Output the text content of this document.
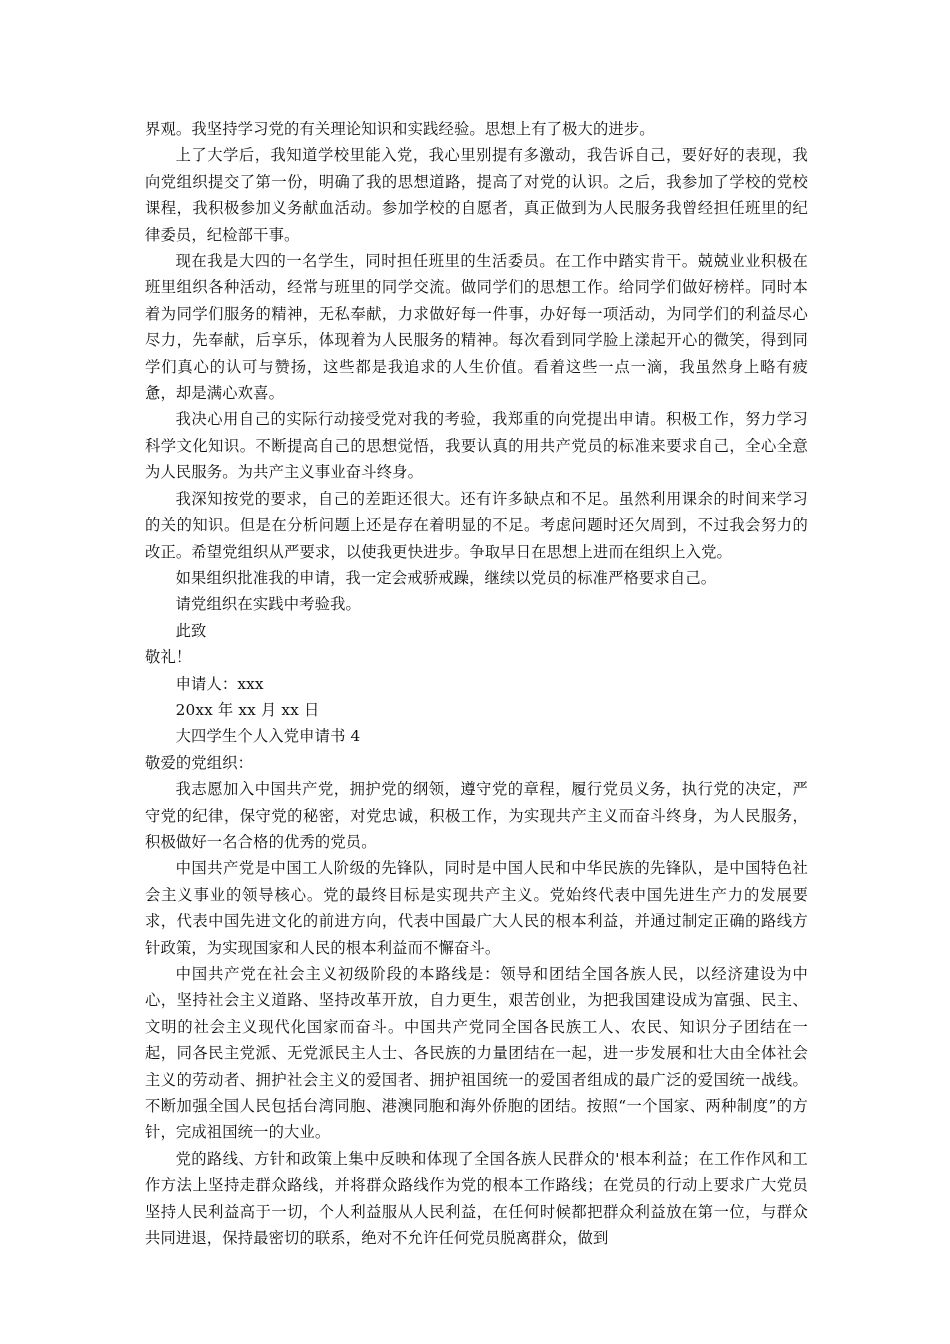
界观。我坚持学习党的有关理论知识和实践经验。思想上有了极大的进步。

上了大学后，我知道学校里能入党，我心里别提有多激动，我告诉自己，要好好的表现，我向党组织提交了第一份，明确了我的思想道路，提高了对党的认识。之后，我参加了学校的党校课程，我积极参加义务献血活动。参加学校的自愿者，真正做到为人民服务我曾经担任班里的纪律委员，纪检部干事。

现在我是大四的一名学生，同时担任班里的生活委员。在工作中踏实肯干。兢兢业业积极在班里组织各种活动，经常与班里的同学交流。做同学们的思想工作。给同学们做好榜样。同时本着为同学们服务的精神，无私奉献，力求做好每一件事，办好每一项活动，为同学们的利益尽心尽力，先奉献，后享乐，体现着为人民服务的精神。每次看到同学脸上漾起开心的微笑，得到同学们真心的认可与赞扬，这些都是我追求的人生价值。看着这些一点一滴，我虽然身上略有疲惫，却是满心欢喜。

我决心用自己的实际行动接受党对我的考验，我郑重的向党提出申请。积极工作，努力学习科学文化知识。不断提高自己的思想觉悟，我要认真的用共产党员的标准来要求自己，全心全意为人民服务。为共产主义事业奋斗终身。

我深知按党的要求，自己的差距还很大。还有许多缺点和不足。虽然利用课余的时间来学习的关的知识。但是在分析问题上还是存在着明显的不足。考虑问题时还欠周到，不过我会努力的改正。希望党组织从严要求，以使我更快进步。争取早日在思想上进而在组织上入党。

如果组织批准我的申请，我一定会戒骄戒躁，继续以党员的标准严格要求自己。

请党组织在实践中考验我。

此致

敬礼！

申请人：xxx

20xx 年 xx 月 xx 日

大四学生个人入党申请书 4

敬爱的党组织：

我志愿加入中国共产党，拥护党的纲领，遵守党的章程，履行党员义务，执行党的决定，严守党的纪律，保守党的秘密，对党忠诚，积极工作，为实现共产主义而奋斗终身，为人民服务，积极做好一名合格的优秀的党员。

中国共产党是中国工人阶级的先锋队，同时是中国人民和中华民族的先锋队，是中国特色社会主义事业的领导核心。党的最终目标是实现共产主义。党始终代表中国先进生产力的发展要求，代表中国先进文化的前进方向，代表中国最广大人民的根本利益，并通过制定正确的路线方针政策，为实现国家和人民的根本利益而不懈奋斗。

中国共产党在社会主义初级阶段的本路线是：领导和团结全国各族人民，以经济建设为中心，坚持社会主义道路、坚持改革开放，自力更生，艰苦创业，为把我国建设成为富强、民主、文明的社会主义现代化国家而奋斗。中国共产党同全国各民族工人、农民、知识分子团结在一起，同各民主党派、无党派民主人士、各民族的力量团结在一起，进一步发展和壮大由全体社会主义的劳动者、拥护社会主义的爱国者、拥护祖国统一的爱国者组成的最广泛的爱国统一战线。不断加强全国人民包括台湾同胞、港澳同胞和海外侨胞的团结。按照“一个国家、两种制度”的方针，完成祖国统一的大业。

党的路线、方针和政策上集中反映和体现了全国各族人民群众的'根本利益；在工作作风和工作方法上坚持走群众路线，并将群众路线作为党的根本工作路线；在党员的行动上要求广大党员坚持人民利益高于一切，个人利益服从人民利益，在任何时候都把群众利益放在第一位，与群众共同进退，保持最密切的联系，绝对不允许任何党员脱离群众，做到
